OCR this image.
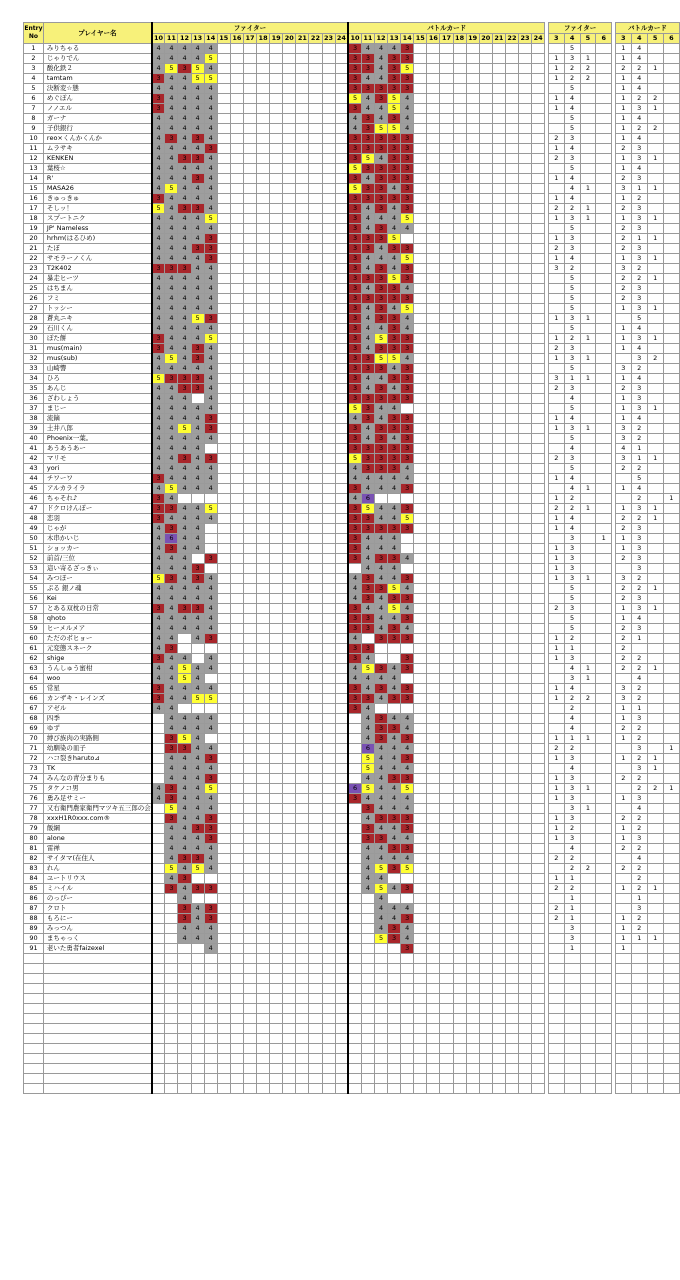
Entry No	プレイヤー名	ファイター															バトルカード																ファイター					バトルカード			
		10	11	12	13	14	15	16	17	18	19	20	21	22	23	24	10	11	12	13	14	15	16	17	18	19	20	21	22	23	24		3	4	5	6		3	4	5	6
1	みりちゃる	4	4	4	4	4											3	4	4	4	3													5				1	4		
2	じゃりでん	4	4	4	4	5											3	3	4	3	3												1	3	1			1	4		
3	酸化鉄２	4	5	3	5	4											3	3	4	3	5												1	2	2			2	2	1	
4	tamtam	3	4	4	5	5											3	4	4	3	3												1	2	2			1	4		
5	決断変☆態	4	4	4	4	4											3	3	3	3	3													5				1	4		
6	めぐぽん	3	4	4	4	4											5	4	3	5	4												1	4				1	2	2	
7	ノノエル	3	4	4	4	4											3	4	4	5	4												1	4				1	3	1	
8	ガーナ	4	4	4	4	4											4	3	4	3	4													5				1	4		
9	子供銀行	4	4	4	4	4											4	3	5	5	4													5				1	2	2	
10	reo×くんかくんか	4	3	4	3	4											3	3	3	3	3												2	3				1	4		
11	ムラサキ	4	4	4	4	3											3	3	3	3	3												1	4				2	3		
12	KENKEN	4	4	3	3	4											3	5	4	3	3												2	3				1	3	1	
13	葉桜☆	4	4	4	4	4											5	3	3	3	3													5				1	4		
14	R'	4	4	4	3	4											3	4	3	3	3												1	4				2	3		
15	MASA26	4	5	4	4	4											5	3	3	4	3													4	1			3	1	1	
16	きゅっきゅ	3	4	4	4	4											3	3	3	3	3												1	4				1	2		
17	そしッ！	5	4	3	3	4											3	4	3	4	3												2	2	1			2	3		
18	スプートニク	4	4	4	4	5											3	4	4	4	5												1	3	1			1	3	1	
19	JP' Nameless	4	4	4	4	4											3	4	3	4	4													5				2	3		
20	hrhm(はるひめ)	4	4	4	4	3											3	3	3	5													1	3				2	1	1	
21	たぼ	4	4	4	3	3											3	3	4	3	3												2	3				2	3		
22	サモラーノくん	4	4	4	4	3											3	4	4	4	5												1	4				1	3	1	
23	T2K402	3	3	3	4	4											3	4	3	4	3												3	2				3	2		
24	暴走ヒーツ	4	4	4	4	4											3	3	3	5	3													5				2	2	1	
25	はちまん	4	4	4	4	4											3	4	3	3	4													5				2	3		
26	フミ	4	4	4	4	4											3	3	3	3	3													5				2	3		
27	トッシー	4	4	4	4	4											3	4	3	4	5													5				1	3	1	
28	蒼丸ニキ	4	4	4	5	3											3	4	3	3	4												1	3	1				5		
29	石川くん	4	4	4	4	4											3	4	4	3	4													5				1	4		
30	ぽた餅	3	4	4	4	5											3	4	5	3	3												1	2	1			1	3	1	
31	mus(main)	3	4	4	3	4											3	4	3	3	3												2	3				1	4		
32	mus(sub)	4	5	4	3	4											3	3	5	5	4												1	3	1				3	2	
33	山崎響	4	4	4	4	4											3	3	3	4	3													5				3	2		
34	ひろ	5	3	3	3	4											3	4	4	3	3												3	1	1			1	4		
35	あんじ	4	4	3	3	4											3	4	3	4	3												2	3				2	3		
36	ざわしょう	4	4	4		4											3	3	3	3	3													4				1	3		
37	まじー	4	4	4	4	4											5	3	4	4														5				1	3	1	
38	流鏑	4	4	4	4	3											4	3	4	3	3												1	4				1	4		
39	土井八郎	4	4	5	4	3											3	4	3	3	3												1	3	1			3	2		
40	Phoenix一葉。	4	4	4	4	4											3	4	3	4	3													5				3	2		
41	あうあうあー	4	4	4	4												3	3	3	3	3													4				4	1		
42	マリモ	4	4	3	4	3											5	3	3	3	3												2	3				3	1	1	
43	yori	4	4	4	4	4											4	3	3	3	4													5				2	2		
44	チワーワ	3	4	4	4	4											4	4	4	4	4												1	4					5		
45	アルカライラ	4	5	4	4	4											3	4	4	4	3													4	1			1	4		
46	ちゃそれ♪	3	4														4	6															1	2					2		1
47	ドクロけんぽー	3	3	4	4	5											3	5	4	4	3												2	2	1			1	3	1	
48	恋羽	3	4	4	4	4											3	3	4	4	5												1	4				2	2	1	
49	じゃが	4	3	4	4												3	3	3	3	3												1	4				2	3		
50	木串かいじ	4	6	4	4												3	4	4	4														3		1		1	3		
51	ショッカー	4	3	4	4												3	4	4	4													1	3				1	3		
52	前首/三位	4	4	4		3											3	4	3	3	4												1	3				2	3		
53	這い寄るざっきぃ	4	4	4	3													4	4	4													1	3					3		
54	みつぼー	5	3	4	3	4											4	3	4	4	3												1	3	1			3	2		
55	ぷる 銀ノ魂	4	4	4	4	4											4	3	3	5	4													5				2	2	1	
56	Kei	4	4	4	4	4											4	3	4	3	3													5				2	3		
57	とある双枕の日常	3	4	3	3	4											3	4	4	5	4												2	3				1	3	1	
58	qhoto	4	4	4	4	4											3	3	4	4	3													5				1	4		
59	ヒーメルメア	4	4	4	4	4											3	3	4	3	4													5				2	3		
60	ただのポヒョー	4	4		4	3											4		3	3	3												1	2				2	1		
61	元変態スネーク	4	3														3	3															1	1				2			
62	shige	3	4	4		4											3	4			3												1	3				2	2		
63	うんしゅう蜜柑	4	4	5	4	4											4	5	3	4	3													4	1			2	2	1	
64	woo	4	4	5	4												4	4	4	4														3	1				4		
65	常星	3	4	4	4	4											3	4	3	4	3												1	4				3	2		
66	カンザキ・レインズ	3	4	4	5	5											3	3	4	3	3												1	2	2			3	2		
67	アゼル	4	4														3	4																2				1	1		
68	四季		4	4	4	4												4	3	4	4													4				1	3		
69	ゆず		4	4	4	4												4	3	3	4													4				2	2		
70	縛び族肉の実路側		3	5	4													4	3	4	3												1	1	1			1	2		
71	幼馴染の皿子		3	3	4	4												6	4	4	4												2	2					3		1
72	ハコ裂きharuto⊿		4	4	4	3												5	4	4	3												1	3				1	2	1	
73	TK		4	4	4	4												5	4	4	4													4					3	1	
74	みんなの青分まりも		4	4	4	3												4	4	3	3												1	3				2	2		
75	タケノコ男	4	3	4	4	5											6	5	4	4	5												1	3	1				2	2	1
76	勇み足サミー	4	3	4	4	4											3	4	4	4	4												1	3				1	3		
77	又右衛門農家衛門マツキ五三郎の会		5	4	4	4												3	4	4	4													3	1				4		
78	xxxH1R0xxx.com®		3	4	4	3												4	3	3	3												1	3				2	2		
79	飯綱		4	4	3	3												3	4	4	3												1	2				1	2		
80	alone		4	4	4	3												3	3	4	4												1	3				1	3		
81	雷禅		4	4	4	4												4	4	3	3													4				2	2		
82	サイタマ(在住人		4	3	3	4												4	4	4	4												2	2					4		
83	れん		5	4	5	4												4	5	3	5													2	2			2	2		
84	ユートリウス		4	3														4	4														1	1					2		
85	ミハイル		3	4	3	3												4	5	4	3												2	2				1	2	1	
86	のっぴー			4															4															1					1		
87	クロト			3	4	3													4	4	4												2	1					3		
88	もろにー			3	4	3													4	4	3												2	1				1	2		
89	みっつん			4	4	4													4	3	4													3				1	2		
90	まちゃっく			4	4	4													5	3	4													3				1	1	1	
91	老いた勇者faizexel					4															3													1				1			
